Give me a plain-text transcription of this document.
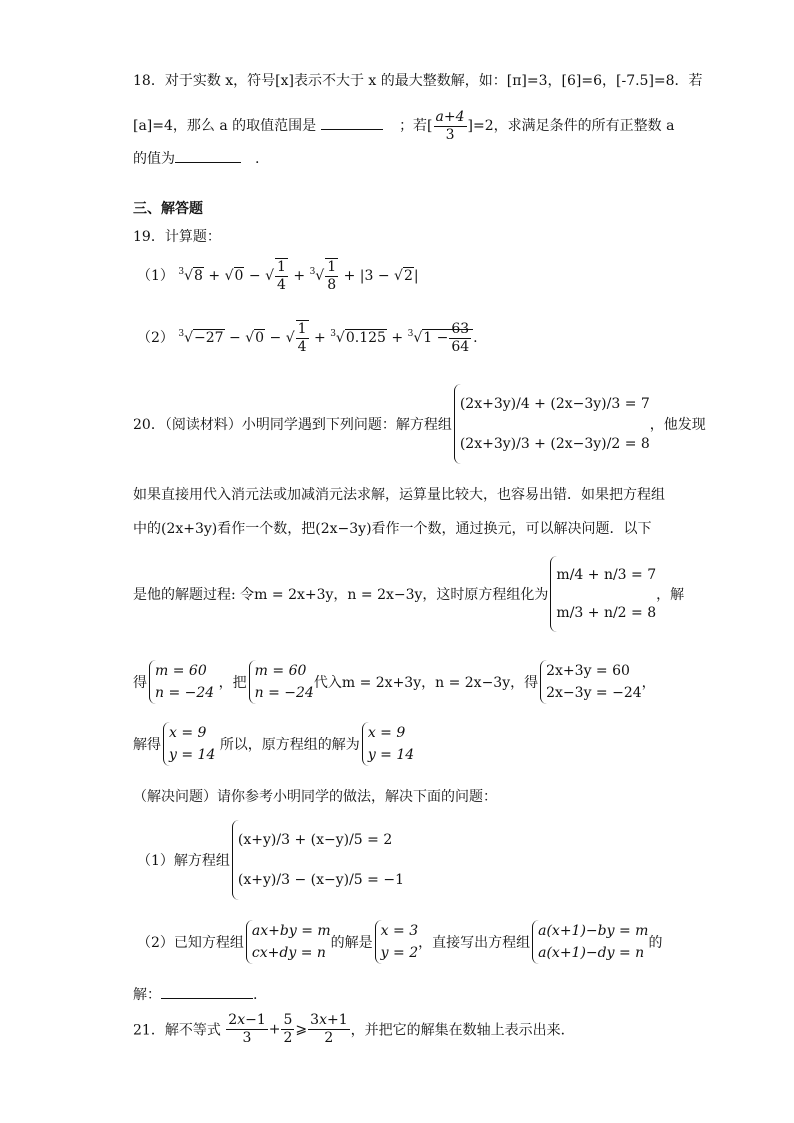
18．对于实数 x，符号[x]表示不大于 x 的最大整数解，如：[π]=3，[6]=6，[-7.5]=8．若
[a]=4，那么 a 的取值范围是	；若[ $\frac{a+4}{3} ]=2$，求满足条件的所有正整数 a
的值为	.
三、解答题
19．计算题：
（1） $^3$√8 + √0 − √ $\frac{1}{4} + ^3√ \frac{1}{8} + |3 - √2|$
（2） $^3$√−27 − √0 − √ $\frac{1}{4} + ^3√0.125 + ^3√1 - \frac{63}{64}$ .
20．（阅读材料）小明同学遇到下列问题：解方程组
(2x+3y)/4 + (2x−3y)/3 = 7
(2x+3y)/3 + (2x−3y)/2 = 8
，他发现
如果直接用代入消元法或加减消元法求解，运算量比较大，也容易出错．如果把方程组
中的(2x+3y)看作一个数，把(2x−3y)看作一个数，通过换元，可以解决问题．以下
是他的解题过程: 令m = 2x+3y，n = 2x−3y，这时原方程组化为
m/4 + n/3 = 7
m/3 + n/2 = 8
，解
得
m = 60
n = −24
，把
m = 60
n = −24
代入m = 2x+3y，n = 2x−3y，得
2x+3y = 60
2x−3y = −24
，
解得
x = 9
y = 14
所以，原方程组的解为
x = 9
y = 14
（解决问题）请你参考小明同学的做法，解决下面的问题：
（1）解方程组
(x+y)/3 + (x−y)/5 = 2
(x+y)/3 − (x−y)/5 = −1
（2）已知方程组
ax+by = m
cx+dy = n
的解是
x = 3
y = 2
，直接写出方程组
a(x+1)−by = m
a(x+1)−dy = n
的
解：	.
21．解不等式 $\frac{2x-1}{3} + \frac{5}{2}$ ⩾ $\frac{3x+1}{2}$ ，并把它的解集在数轴上表示出来．
